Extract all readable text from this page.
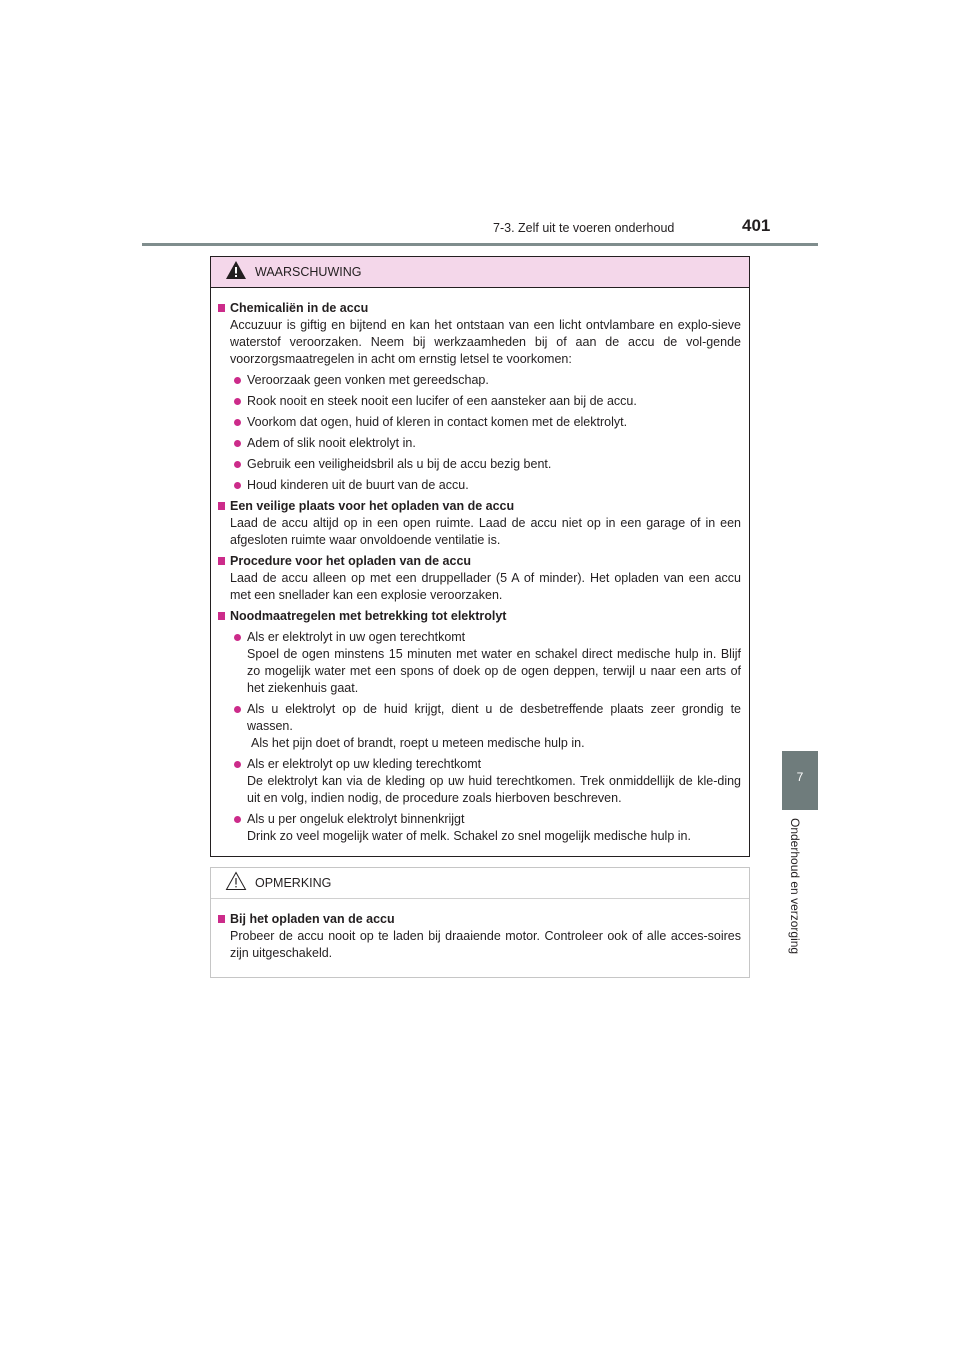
7-3. Zelf uit te voeren onderhoud	401
7
Onderhoud en verzorging
WAARSCHUWING
Chemicaliën in de accu
Accuzuur is giftig en bijtend en kan het ontstaan van een licht ontvlambare en explo-sieve waterstof veroorzaken. Neem bij werkzaamheden bij of aan de accu de vol-gende voorzorgsmaatregelen in acht om ernstig letsel te voorkomen:
Veroorzaak geen vonken met gereedschap.
Rook nooit en steek nooit een lucifer of een aansteker aan bij de accu.
Voorkom dat ogen, huid of kleren in contact komen met de elektrolyt.
Adem of slik nooit elektrolyt in.
Gebruik een veiligheidsbril als u bij de accu bezig bent.
Houd kinderen uit de buurt van de accu.
Een veilige plaats voor het opladen van de accu
Laad de accu altijd op in een open ruimte. Laad de accu niet op in een garage of in een afgesloten ruimte waar onvoldoende ventilatie is.
Procedure voor het opladen van de accu
Laad de accu alleen op met een druppellader (5 A of minder). Het opladen van een accu met een snellader kan een explosie veroorzaken.
Noodmaatregelen met betrekking tot elektrolyt
Als er elektrolyt in uw ogen terechtkomt
Spoel de ogen minstens 15 minuten met water en schakel direct medische hulp in. Blijf zo mogelijk water met een spons of doek op de ogen deppen, terwijl u naar een arts of het ziekenhuis gaat.
Als u elektrolyt op de huid krijgt, dient u de desbetreffende plaats zeer grondig te wassen.
Als het pijn doet of brandt, roept u meteen medische hulp in.
Als er elektrolyt op uw kleding terechtkomt
De elektrolyt kan via de kleding op uw huid terechtkomen. Trek onmiddellijk de kle-ding uit en volg, indien nodig, de procedure zoals hierboven beschreven.
Als u per ongeluk elektrolyt binnenkrijgt
Drink zo veel mogelijk water of melk. Schakel zo snel mogelijk medische hulp in.
OPMERKING
Bij het opladen van de accu
Probeer de accu nooit op te laden bij draaiende motor. Controleer ook of alle acces-soires zijn uitgeschakeld.
